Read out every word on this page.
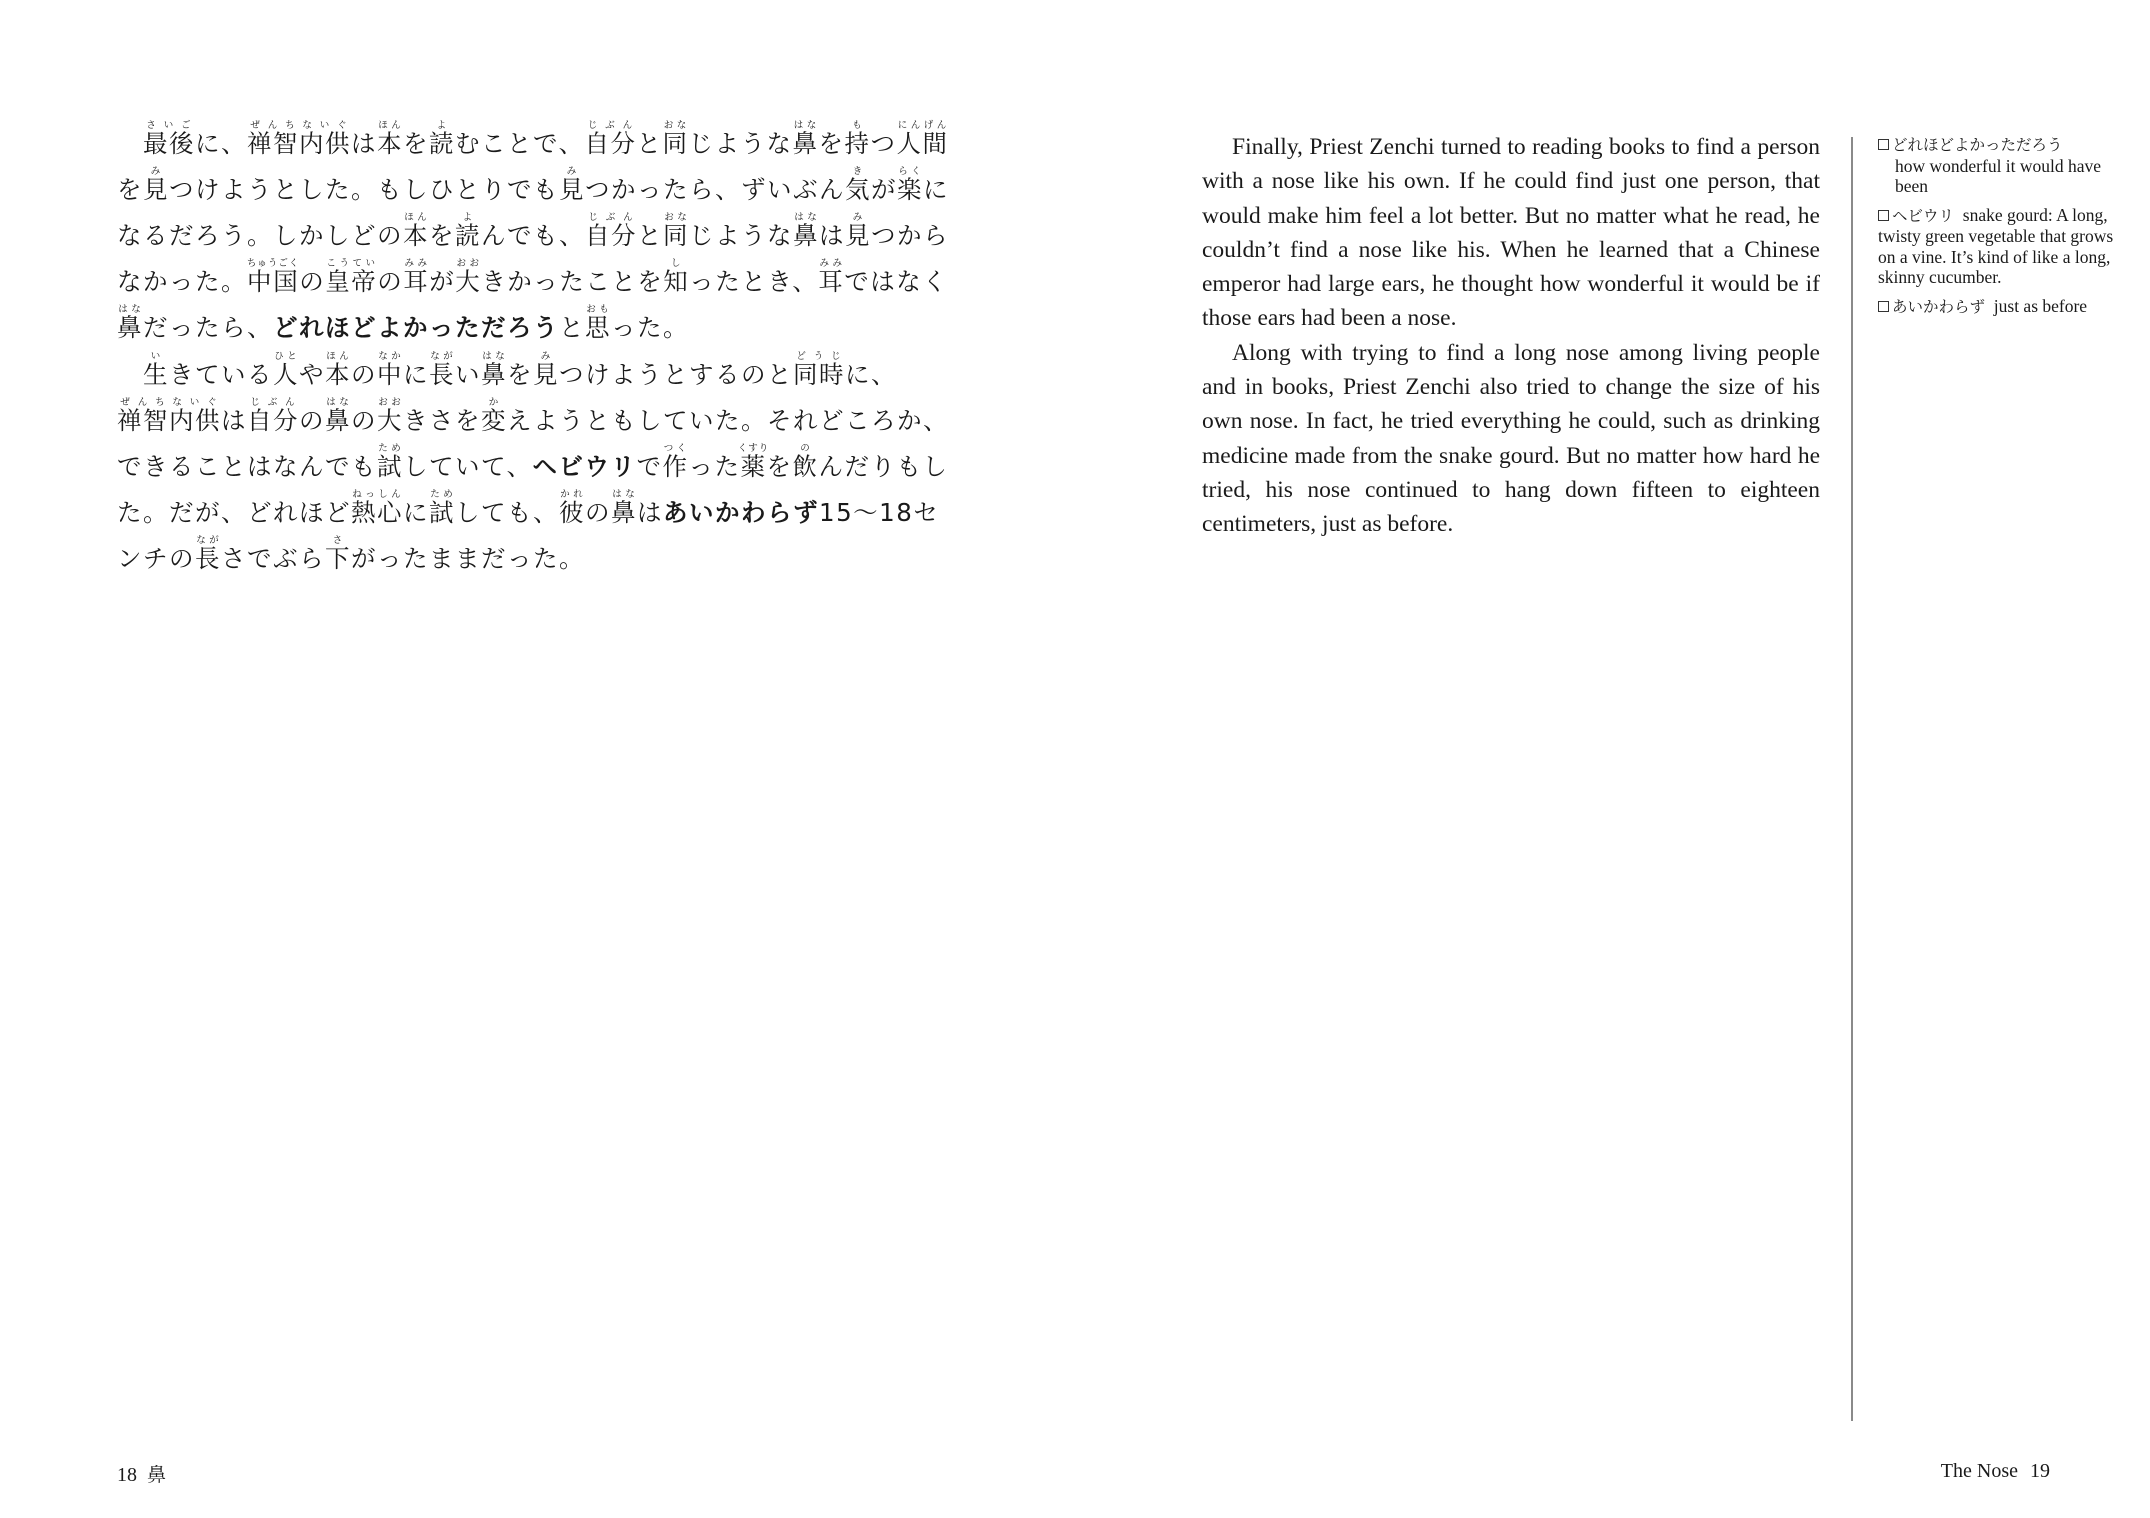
最後さいごに、禅智内供ぜんちないぐは本ほんを読よむことで、自分じぶんと同おなじような鼻はなを持もつ人間にんげんを見みつけようとした。もしひとりでも見みつかったら、ずいぶん気きが楽らくになるだろう。しかしどの本ほんを読よんでも、自分じぶんと同おなじような鼻はなは見みつからなかった。中国ちゅうごくの皇帝こうていの耳みみが大おおきかったことを知しったとき、耳みみではなく鼻はなだったら、どれほどよかっただろうと思おもった。

生いきている人ひとや本ほんの中なかに長ながい鼻はなを見みつけようとするのと同時どうじに、禅智内供ぜんちないぐは自分じぶんの鼻はなの大おおきさを変かえようともしていた。それどころか、できることはなんでも試ためしていて、ヘビウリで作つくった薬くすりを飲のんだりもした。だが、どれほど熱心ねっしんに試ためしても、彼かれの鼻はなはあいかわらず15〜18センチの長ながさでぶら下さがったままだった。

Finally, Priest Zenchi turned to reading books to find a person with a nose like his own. If he could find just one person, that would make him feel a lot better. But no matter what he read, he couldn’t find a nose like his. When he learned that a Chinese emperor had large ears, he thought how wonderful it would be if those ears had been a nose.

Along with trying to find a long nose among living people and in books, Priest Zenchi also tried to change the size of his own nose. In fact, he tried everything he could, such as drinking medicine made from the snake gourd. But no matter how hard he tried, his nose continued to hang down fifteen to eighteen centimeters, just as before.

どれほどよかっただろう
how wonderful it would have been
ヘビウリ snake gourd: A long, twisty green vegetable that grows on a vine. It’s kind of like a long, skinny cucumber.
あいかわらず just as before
18 鼻	The Nose 19
